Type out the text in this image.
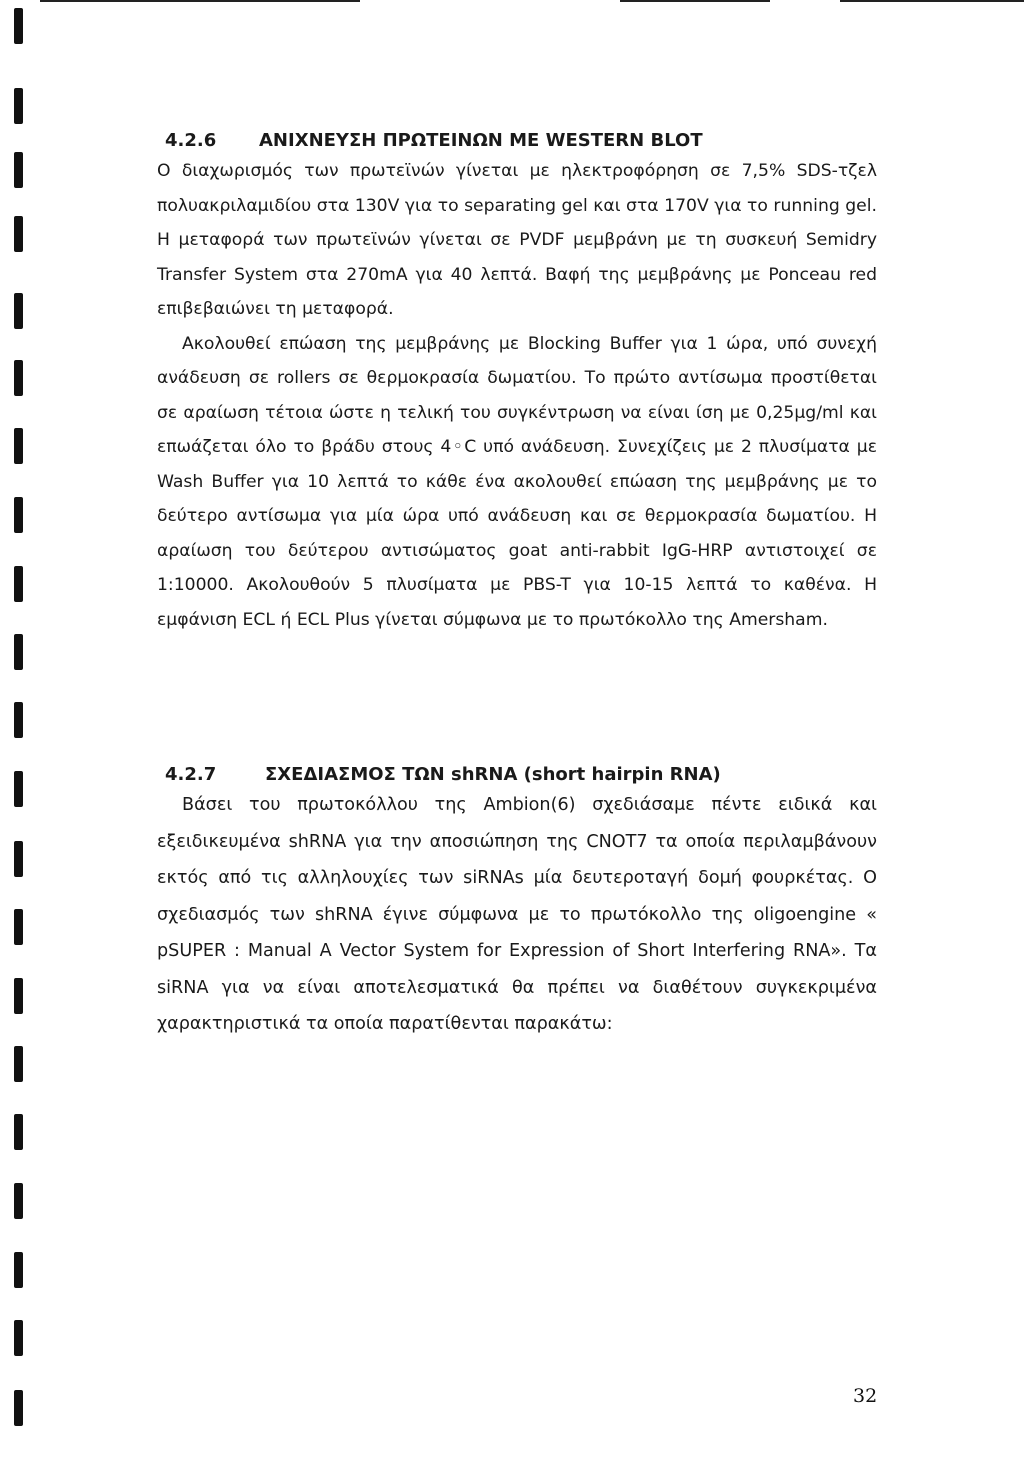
4.2.6 ΑΝΙΧΝΕΥΣΗ ΠΡΩΤΕΙΝΩΝ ΜΕ WESTERN BLOT

Ο διαχωρισμός των πρωτεϊνών γίνεται με ηλεκτροφόρηση σε 7,5% SDS-τζελ πολυακριλαμιδίου στα 130V για το separating gel και στα 170V για το running gel. Η μεταφορά των πρωτεϊνών γίνεται σε PVDF μεμβράνη με τη συσκευή Semidry Transfer System στα 270mA για 40 λεπτά. Βαφή της μεμβράνης με Ponceau red επιβεβαιώνει τη μεταφορά.

Ακολουθεί επώαση της μεμβράνης με Blocking Buffer για 1 ώρα, υπό συνεχή ανάδευση σε rollers σε θερμοκρασία δωματίου. Το πρώτο αντίσωμα προστίθεται σε αραίωση τέτοια ώστε η τελική του συγκέντρωση να είναι ίση με 0,25μg/ml και επωάζεται όλο το βράδυ στους 4◦C υπό ανάδευση. Συνεχίζεις με 2 πλυσίματα με Wash Buffer για 10 λεπτά το κάθε ένα ακολουθεί επώαση της μεμβράνης με το δεύτερο αντίσωμα για μία ώρα υπό ανάδευση και σε θερμοκρασία δωματίου. Η αραίωση του δεύτερου αντισώματος goat anti-rabbit IgG-HRP αντιστοιχεί σε 1:10000. Ακολουθούν 5 πλυσίματα με PBS-T για 10-15 λεπτά το καθένα. Η εμφάνιση ECL ή ECL Plus γίνεται σύμφωνα με το πρωτόκολλο της Amersham.

4.2.7	ΣΧΕΔΙΑΣΜΟΣ ΤΩΝ shRNA (short hairpin RNA)

Βάσει του πρωτοκόλλου της Ambion(6) σχεδιάσαμε πέντε ειδικά και εξειδικευμένα shRNA για την αποσιώπηση της CNOT7 τα οποία περιλαμβάνουν εκτός από τις αλληλουχίες των siRNAs μία δευτεροταγή δομή φουρκέτας. Ο σχεδιασμός των shRNA έγινε σύμφωνα με το πρωτόκολλο της oligoengine « pSUPER : Manual A Vector System for Expression of Short Interfering RNA». Τα siRNA για να είναι αποτελεσματικά θα πρέπει να διαθέτουν συγκεκριμένα χαρακτηριστικά τα οποία παρατίθενται παρακάτω:

32
